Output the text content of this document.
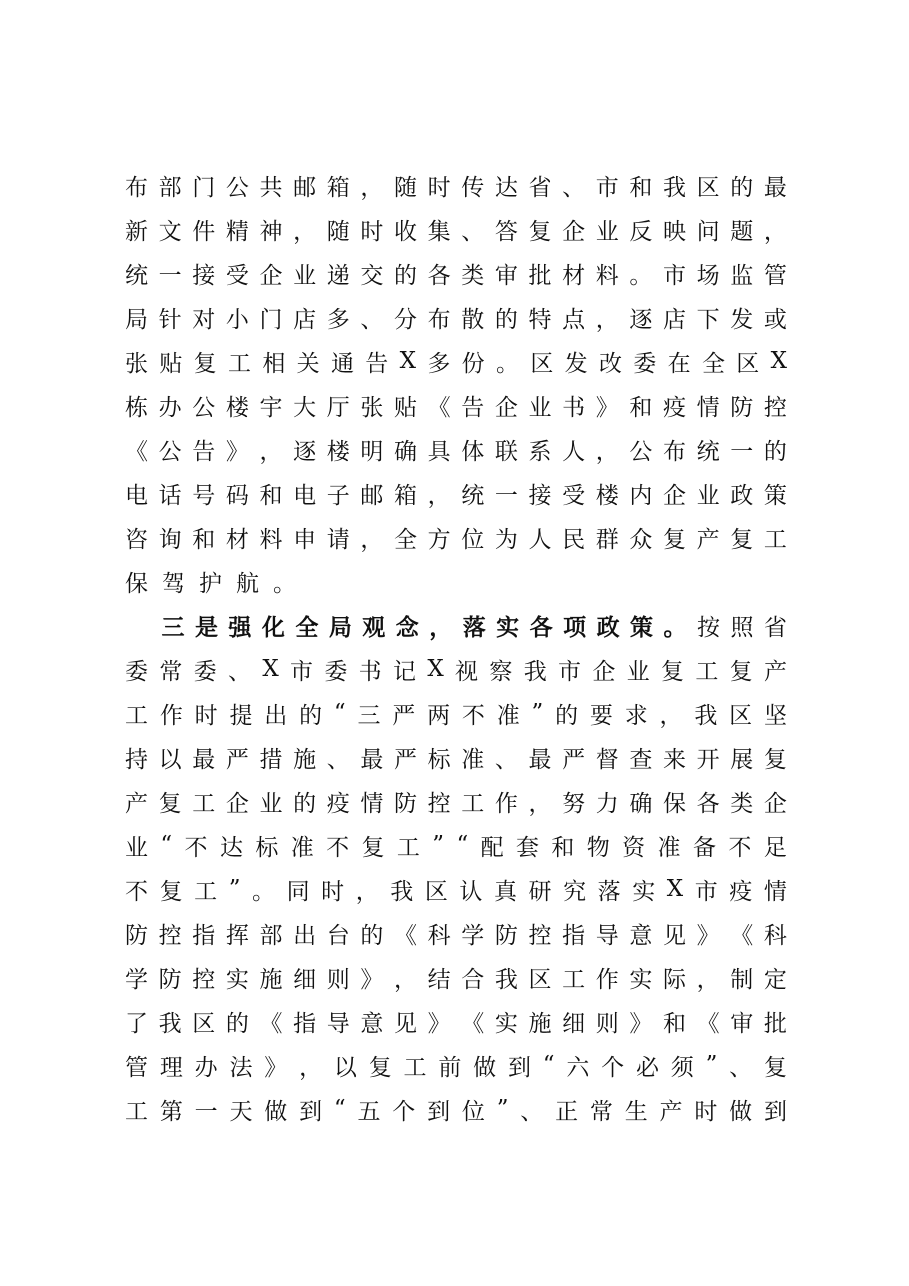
布 部 门 公 共 邮 箱 ， 随 时 传 达 省 、 市 和 我 区 的 最
新 文 件 精 神 ， 随 时 收 集 、 答 复 企 业 反 映 问 题 ，
统 一 接 受 企 业 递 交 的 各 类 审 批 材 料 。 市 场 监 管
局 针 对 小 门 店 多 、 分 布 散 的 特 点 ， 逐 店 下 发 或
张 贴 复 工 相 关 通 告 X 多 份 。 区 发 改 委 在 全 区 X
栋 办 公 楼 宇 大 厅 张 贴 《 告 企 业 书 》 和 疫 情 防 控
《 公 告 》 ， 逐 楼 明 确 具 体 联 系 人 ， 公 布 统 一 的
电 话 号 码 和 电 子 邮 箱 ， 统 一 接 受 楼 内 企 业 政 策
咨 询 和 材 料 申 请 ， 全 方 位 为 人 民 群 众 复 产 复 工
保驾护航。
三 是 强 化 全 局 观 念 ， 落 实 各 项 政 策 。 按 照 省
委 常 委 、 X 市 委 书 记 X 视 察 我 市 企 业 复 工 复 产
工 作 时 提 出 的 “ 三 严 两 不 准 ” 的 要 求 ， 我 区 坚
持 以 最 严 措 施 、 最 严 标 准 、 最 严 督 查 来 开 展 复
产 复 工 企 业 的 疫 情 防 控 工 作 ， 努 力 确 保 各 类 企
业 “ 不 达 标 准 不 复 工 ” “ 配 套 和 物 资 准 备 不 足
不 复 工 ” 。 同 时 ， 我 区 认 真 研 究 落 实 X 市 疫 情
防 控 指 挥 部 出 台 的 《 科 学 防 控 指 导 意 见 》 《 科
学 防 控 实 施 细 则 》 ， 结 合 我 区 工 作 实 际 ， 制 定
了 我 区 的 《 指 导 意 见 》 《 实 施 细 则 》 和 《 审 批
管 理 办 法 》 ， 以 复 工 前 做 到 “ 六 个 必 须 ” 、 复
工 第 一 天 做 到 “ 五 个 到 位 ” 、 正 常 生 产 时 做 到
